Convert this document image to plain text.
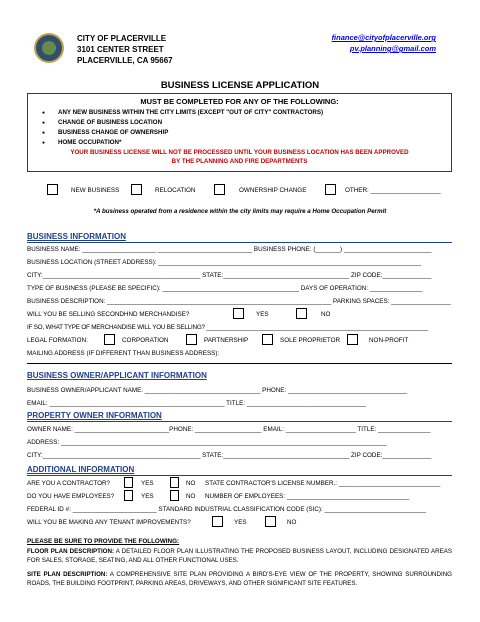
CITY OF PLACERVILLE
3101 CENTER STREET
PLACERVILLE, CA 95667
finance@cityofplacerville.org
pv.planning@gmail.com
BUSINESS LICENSE APPLICATION
MUST BE COMPLETED FOR ANY OF THE FOLLOWING:
● ANY NEW BUSINESS WITHIN THE CITY LIMITS (EXCEPT "OUT OF CITY" CONTRACTORS)
● CHANGE OF BUSINESS LOCATION
● BUSINESS CHANGE OF OWNERSHIP
● HOME OCCUPATION*
YOUR BUSINESS LICENSE WILL NOT BE PROCESSED UNTIL YOUR BUSINESS LOCATION HAS BEEN APPROVED
BY THE PLANNING AND FIRE DEPARTMENTS
NEW BUSINESS	RELOCATION	OWNERSHIP CHANGE	OTHER: ____________________
*A business operated from a residence within the city limits may require a Home Occupation Permit
BUSINESS INFORMATION
BUSINESS NAME: _____________________ ___________________________ BUSINESS PHONE: (_______) _________________________
BUSINESS LOCATION (STREET ADDRESS): ___________________________________________________________________________
CITY:_____________________________________________ STATE:____________________________________ ZIP CODE:______________
TYPE OF BUSINESS (PLEASE BE SPECIFIC): _______________________________________ DAYS OF OPERATION: _______________
BUSINESS DESCRIPTION: ________________________________________________________________ PARKING SPACES: _________________
WILL YOU BE SELLING SECONDHND MERCHANDISE?	YES	NO
IF SO, WHAT TYPE OF MERCHANDISE WILL YOU BE SELLING? ___________________________________________________________________
LEGAL FORMATION:	CORPORATION	PARTNERSHIP	SOLE PROPRIETOR	NON-PROFIT
MAILING ADDRESS (IF DIFFERENT THAN BUSINESS ADDRESS):
BUSINESS OWNER/APPLICANT INFORMATION
BUSINESS OWNER/APPLICANT NAME: _________________________________ PHONE: __________________________________
EMAIL: __________________________________________________ TITLE: __________________________________
PROPERTY OWNER INFORMATION
OWNER NAME: ___________________________PHONE: ___________________ EMAIL: ____________________ TITLE: _______________
ADDRESS: _____________________________________________________________________________________________
CITY:_____________________________________________ STATE:____________________________________ ZIP CODE:______________
ADDITIONAL INFORMATION
ARE YOU A CONTRACTOR?	YES	NO STATE CONTRACTOR'S LICENSE NUMBER.: _____________________________
DO YOU HAVE EMPLOYEES?	YES	NO NUMBER OF EMPLOYEES: ___________________________________
FEDERAL ID #: ________________________ STANDARD INDUSTRIAL CLASSIFICATION CODE (SIC): _____________________________
WILL YOU BE MAKING ANY TENANT IMPROVEMENTS?	YES	NO
PLEASE BE SURE TO PROVIDE THE FOLLOWING:
FLOOR PLAN DESCRIPTION: A DETAILED FLOOR PLAN ILLUSTRATING THE PROPOSED BUSINESS LAYOUT, INCLUDING DESIGNATED AREAS FOR SALES, STORAGE, SEATING, AND ALL OTHER FUNCTIONAL USES.
SITE PLAN DESCRIPTION: A COMPREHENSIVE SITE PLAN PROVIDING A BIRD'S-EYE VIEW OF THE PROPERTY, SHOWING SURROUNDING ROADS, THE BUILDING FOOTPRINT, PARKING AREAS, DRIVEWAYS, AND OTHER SIGNIFICANT SITE FEATURES.
